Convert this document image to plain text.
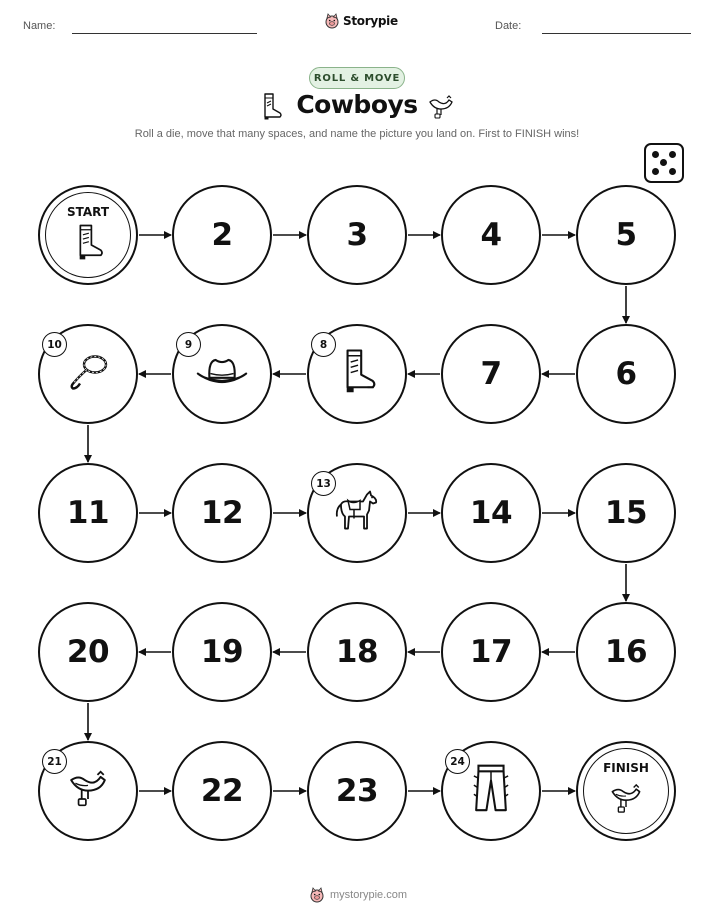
Name:	Storypie	Date:
ROLL & MOVE
Cowboys
Roll a die, move that many spaces, and name the picture you land on. First to FINISH wins!
START
2	3	4	5
6
7
8
9
10
11	12
13
14	15
16
17
18
19
20
21
22	23
24	FINISH
mystorypie.com
